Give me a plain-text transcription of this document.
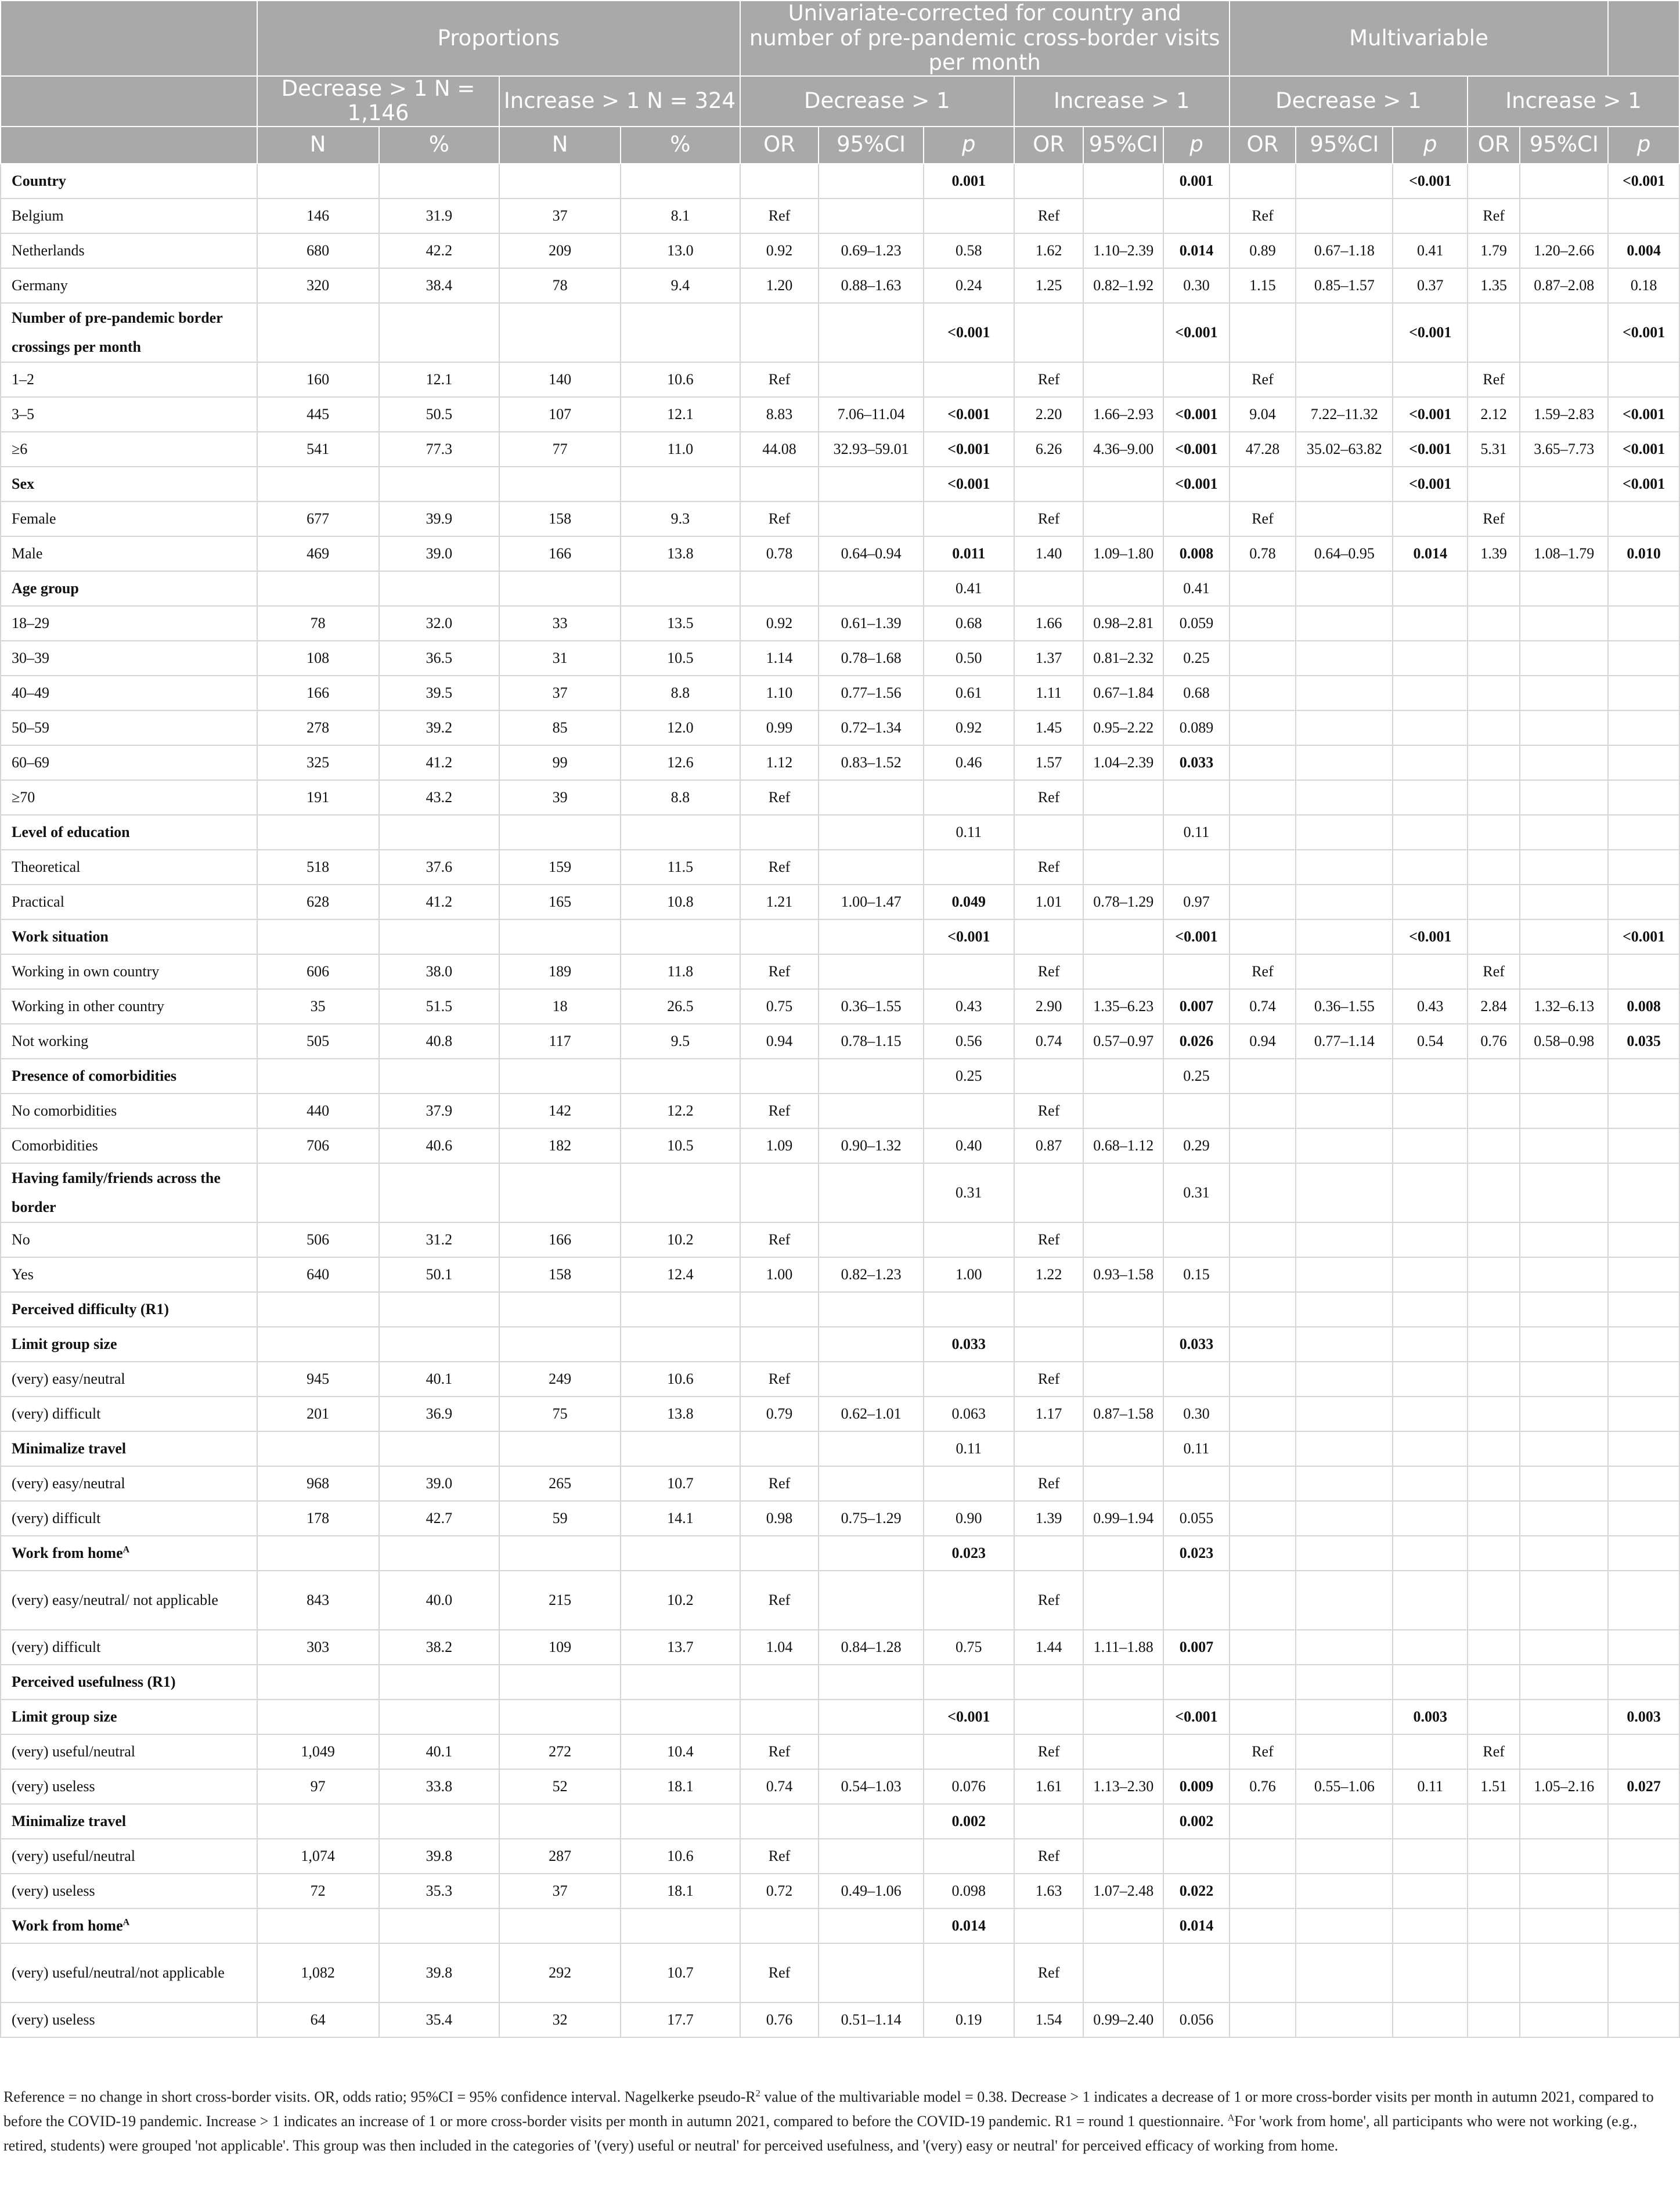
	Proportions				Univariate-corrected for country and number of pre-pandemic cross-border visits per month						Multivariable					
	Decrease > 1 N = 1,146		Increase > 1 N = 324		Decrease > 1			Increase > 1			Decrease > 1			Increase > 1		
	N	%	N	%	OR	95%CI	p	OR	95%CI	p	OR	95%CI	p	OR	95%CI	p
Country							0.001			0.001			<0.001			<0.001
Belgium	146	31.9	37	8.1	Ref			Ref			Ref			Ref		
Netherlands	680	42.2	209	13.0	0.92	0.69–1.23	0.58	1.62	1.10–2.39	0.014	0.89	0.67–1.18	0.41	1.79	1.20–2.66	0.004
Germany	320	38.4	78	9.4	1.20	0.88–1.63	0.24	1.25	0.82–1.92	0.30	1.15	0.85–1.57	0.37	1.35	0.87–2.08	0.18
Number of pre-pandemic border crossings per month							<0.001			<0.001			<0.001			<0.001
1–2	160	12.1	140	10.6	Ref			Ref			Ref			Ref		
3–5	445	50.5	107	12.1	8.83	7.06–11.04	<0.001	2.20	1.66–2.93	<0.001	9.04	7.22–11.32	<0.001	2.12	1.59–2.83	<0.001
≥6	541	77.3	77	11.0	44.08	32.93–59.01	<0.001	6.26	4.36–9.00	<0.001	47.28	35.02–63.82	<0.001	5.31	3.65–7.73	<0.001
Sex							<0.001			<0.001			<0.001			<0.001
Female	677	39.9	158	9.3	Ref			Ref			Ref			Ref		
Male	469	39.0	166	13.8	0.78	0.64–0.94	0.011	1.40	1.09–1.80	0.008	0.78	0.64–0.95	0.014	1.39	1.08–1.79	0.010
Age group							0.41			0.41						
18–29	78	32.0	33	13.5	0.92	0.61–1.39	0.68	1.66	0.98–2.81	0.059						
30–39	108	36.5	31	10.5	1.14	0.78–1.68	0.50	1.37	0.81–2.32	0.25						
40–49	166	39.5	37	8.8	1.10	0.77–1.56	0.61	1.11	0.67–1.84	0.68						
50–59	278	39.2	85	12.0	0.99	0.72–1.34	0.92	1.45	0.95–2.22	0.089						
60–69	325	41.2	99	12.6	1.12	0.83–1.52	0.46	1.57	1.04–2.39	0.033						
≥70	191	43.2	39	8.8	Ref			Ref								
Level of education							0.11			0.11						
Theoretical	518	37.6	159	11.5	Ref			Ref								
Practical	628	41.2	165	10.8	1.21	1.00–1.47	0.049	1.01	0.78–1.29	0.97						
Work situation							<0.001			<0.001			<0.001			<0.001
Working in own country	606	38.0	189	11.8	Ref			Ref			Ref			Ref		
Working in other country	35	51.5	18	26.5	0.75	0.36–1.55	0.43	2.90	1.35–6.23	0.007	0.74	0.36–1.55	0.43	2.84	1.32–6.13	0.008
Not working	505	40.8	117	9.5	0.94	0.78–1.15	0.56	0.74	0.57–0.97	0.026	0.94	0.77–1.14	0.54	0.76	0.58–0.98	0.035
Presence of comorbidities							0.25			0.25						
No comorbidities	440	37.9	142	12.2	Ref			Ref								
Comorbidities	706	40.6	182	10.5	1.09	0.90–1.32	0.40	0.87	0.68–1.12	0.29						
Having family/friends across the border							0.31			0.31						
No	506	31.2	166	10.2	Ref			Ref								
Yes	640	50.1	158	12.4	1.00	0.82–1.23	1.00	1.22	0.93–1.58	0.15						
Perceived difficulty (R1)																
Limit group size							0.033			0.033						
(very) easy/neutral	945	40.1	249	10.6	Ref			Ref								
(very) difficult	201	36.9	75	13.8	0.79	0.62–1.01	0.063	1.17	0.87–1.58	0.30						
Minimalize travel							0.11			0.11						
(very) easy/neutral	968	39.0	265	10.7	Ref			Ref								
(very) difficult	178	42.7	59	14.1	0.98	0.75–1.29	0.90	1.39	0.99–1.94	0.055						
Work from home$^A$							0.023			0.023						
(very) easy/neutral/ not applicable	843	40.0	215	10.2	Ref			Ref								
(very) difficult	303	38.2	109	13.7	1.04	0.84–1.28	0.75	1.44	1.11–1.88	0.007						
Perceived usefulness (R1)																
Limit group size							<0.001			<0.001			0.003			0.003
(very) useful/neutral	1,049	40.1	272	10.4	Ref			Ref			Ref			Ref		
(very) useless	97	33.8	52	18.1	0.74	0.54–1.03	0.076	1.61	1.13–2.30	0.009	0.76	0.55–1.06	0.11	1.51	1.05–2.16	0.027
Minimalize travel							0.002			0.002						
(very) useful/neutral	1,074	39.8	287	10.6	Ref			Ref								
(very) useless	72	35.3	37	18.1	0.72	0.49–1.06	0.098	1.63	1.07–2.48	0.022						
Work from home$^A$							0.014			0.014						
(very) useful/neutral/not applicable	1,082	39.8	292	10.7	Ref			Ref								
(very) useless	64	35.4	32	17.7	0.76	0.51–1.14	0.19	1.54	0.99–2.40	0.056						
Reference = no change in short cross-border visits. OR, odds ratio; 95%CI = 95% confidence interval. Nagelkerke pseudo-$R^2$ value of the multivariable model = 0.38. Decrease > 1 indicates a decrease of 1 or more cross-border visits per month in autumn 2021, compared to before the COVID-19 pandemic. Increase > 1 indicates an increase of 1 or more cross-border visits per month in autumn 2021, compared to before the COVID-19 pandemic. R1 = round 1 questionnaire. $^A$For 'work from home', all participants who were not working (e.g., retired, students) were grouped 'not applicable'. This group was then included in the categories of '(very) useful or neutral' for perceived usefulness, and '(very) easy or neutral' for perceived efficacy of working from home.
